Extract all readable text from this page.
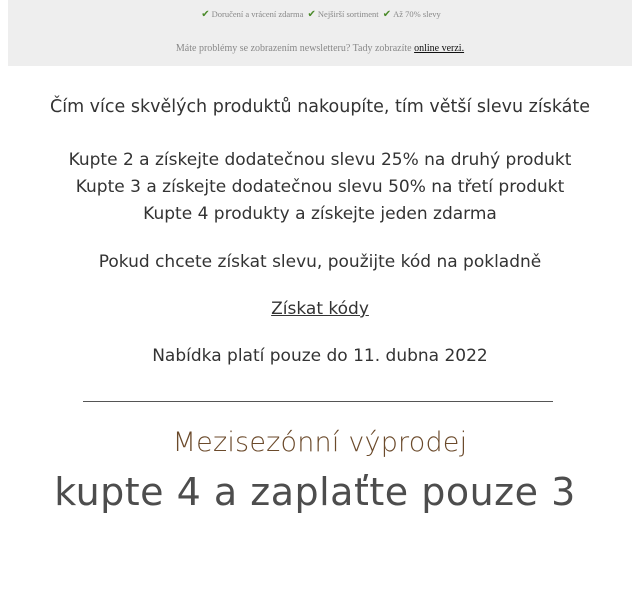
✔ Doručení a vrácení zdarma ✔ Nejširší sortiment ✔ Až 70% slevy
Máte problémy se zobrazením newsletteru? Tady zobrazíte online verzi.
Čím více skvělých produktů nakoupíte, tím větší slevu získáte
Kupte 2 a získejte dodatečnou slevu 25% na druhý produkt
Kupte 3 a získejte dodatečnou slevu 50% na třetí produkt
Kupte 4 produkty a získejte jeden zdarma
Pokud chcete získat slevu, použijte kód na pokladně
Získat kódy
Nabídka platí pouze do 11. dubna 2022
Mezisezónní výprodej
kupte 4 a zaplaťte pouze 3
